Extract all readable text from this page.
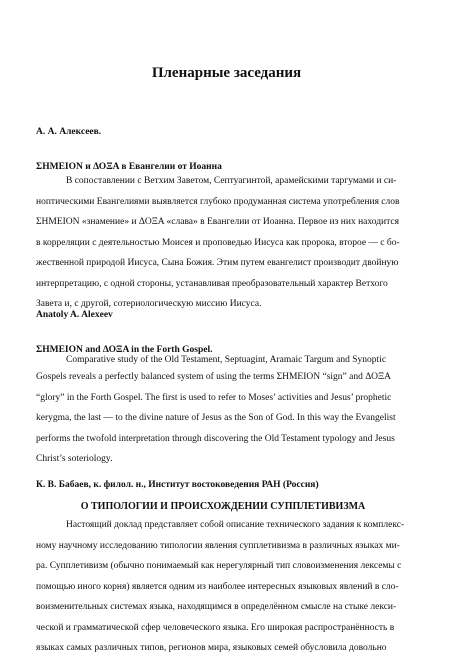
Пленарные заседания
А. А. Алексеев.
ΣΗΜΕΙΟΝ и ΔΟΞΑ в Евангелии от Иоанна
В сопоставлении с Ветхим Заветом, Септуагинтой, арамейскими таргумами и си-
ноптическими Евангелиями выявляется глубоко продуманная система употребления слов
ΣΗΜΕΙΟΝ «знамение» и ΔΟΞΑ «слава» в Евангелии от Иоанна. Первое из них находится
в корреляции с деятельностью Моисея и проповедью Иисуса как пророка, второе — с бо-
жественной природой Иисуса, Сына Божия. Этим путем евангелист производит двойную
интерпретацию, с одной стороны, устанавливая преобразовательный характер Ветхого
Завета и, с другой, сотериологическую миссию Иисуса.
Anatoly A. Alexeev
ΣΗΜΕΙΟΝ and ΔΟΞΑ in the Forth Gospel.
Comparative study of the Old Testament, Septuagint, Aramaic Targum and Synoptic
Gospels reveals a perfectly balanced system of using the terms ΣΗΜΕΙΟΝ “sign” and ΔΟΞΑ
“glory” in the Forth Gospel. The first is used to refer to Moses’ activities and Jesus’ prophetic
kerygma, the last — to the divine nature of Jesus as the Son of God. In this way the Evangelist
performs the twofold interpretation through discovering the Old Testament typology and Jesus
Christ’s soteriology.
К. В. Бабаев, к. филол. н., Институт востоковедения РАН (Россия)
О ТИПОЛОГИИ И ПРОИСХОЖДЕНИИ СУППЛЕТИВИЗМА
Настоящий доклад представляет собой описание технического задания к комплекс-
ному научному исследованию типологии явления супплетивизма в различных языках ми-
ра. Супплетивизм (обычно понимаемый как нерегулярный тип словоизменения лексемы с
помощью иного корня) является одним из наиболее интересных языковых явлений в сло-
воизменительных системах языка, находящимся в определённом смысле на стыке лекси-
ческой и грамматической сфер человеческого языка. Его широкая распространённость в
языках самых различных типов, регионов мира, языковых семей обусловила довольно
